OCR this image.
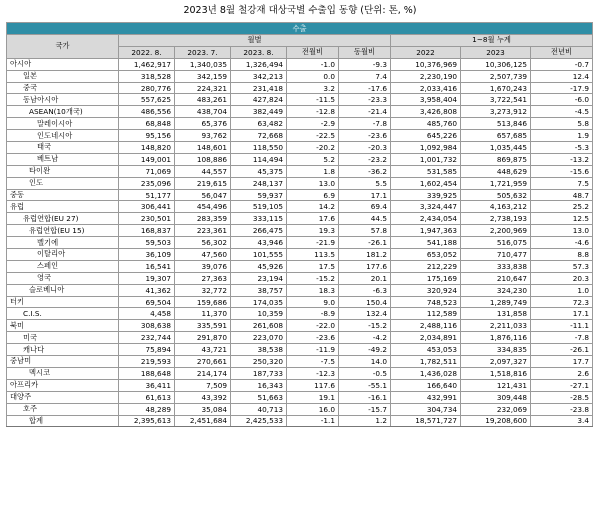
2023년 8월 철강재 대상국별 수출입 동향 (단위: 톤, %)
수출								
국가	월별					1~8월 누계		
	2022. 8.	2023. 7.	2023. 8.	전월비	동월비	2022	2023	전년비
아시아	1,462,917	1,340,035	1,326,494	-1.0	-9.3	10,376,969	10,306,125	-0.7
일본	318,528	342,159	342,213	0.0	7.4	2,230,190	2,507,739	12.4
중국	280,776	224,321	231,418	3.2	-17.6	2,033,416	1,670,243	-17.9
동남아시아	557,625	483,261	427,824	-11.5	-23.3	3,958,404	3,722,541	-6.0
ASEAN(10개국)	486,556	438,704	382,449	-12.8	-21.4	3,426,808	3,273,912	-4.5
말레이시아	68,848	65,376	63,482	-2.9	-7.8	485,760	513,846	5.8
인도네시아	95,156	93,762	72,668	-22.5	-23.6	645,226	657,685	1.9
태국	148,820	148,601	118,550	-20.2	-20.3	1,092,984	1,035,445	-5.3
베트남	149,001	108,886	114,494	5.2	-23.2	1,001,732	869,875	-13.2
타이완	71,069	44,557	45,375	1.8	-36.2	531,585	448,629	-15.6
인도	235,096	219,615	248,137	13.0	5.5	1,602,454	1,721,959	7.5
중동	51,177	56,047	59,937	6.9	17.1	339,925	505,632	48.7
유럽	306,441	454,496	519,105	14.2	69.4	3,324,447	4,163,212	25.2
유럽연합(EU 27)	230,501	283,359	333,115	17.6	44.5	2,434,054	2,738,193	12.5
유럽연합(EU 15)	168,837	223,361	266,475	19.3	57.8	1,947,363	2,200,969	13.0
벨기에	59,503	56,302	43,946	-21.9	-26.1	541,188	516,075	-4.6
이탈리아	36,109	47,560	101,555	113.5	181.2	653,052	710,477	8.8
스페인	16,541	39,076	45,926	17.5	177.6	212,229	333,838	57.3
영국	19,307	27,363	23,194	-15.2	20.1	175,169	210,647	20.3
슬로베니아	41,362	32,772	38,757	18.3	-6.3	320,924	324,230	1.0
터키	69,504	159,686	174,035	9.0	150.4	748,523	1,289,749	72.3
C.I.S.	4,458	11,370	10,359	-8.9	132.4	112,589	131,858	17.1
북미	308,638	335,591	261,608	-22.0	-15.2	2,488,116	2,211,033	-11.1
미국	232,744	291,870	223,070	-23.6	-4.2	2,034,891	1,876,116	-7.8
캐나다	75,894	43,721	38,538	-11.9	-49.2	453,053	334,835	-26.1
중남미	219,593	270,661	250,320	-7.5	14.0	1,782,511	2,097,327	17.7
멕시코	188,648	214,174	187,733	-12.3	-0.5	1,436,028	1,518,816	2.6
아프리카	36,411	7,509	16,343	117.6	-55.1	166,640	121,431	-27.1
대양주	61,613	43,392	51,663	19.1	-16.1	432,991	309,448	-28.5
호주	48,289	35,084	40,713	16.0	-15.7	304,734	232,069	-23.8
합계	2,395,613	2,451,684	2,425,533	-1.1	1.2	18,571,727	19,208,600	3.4
